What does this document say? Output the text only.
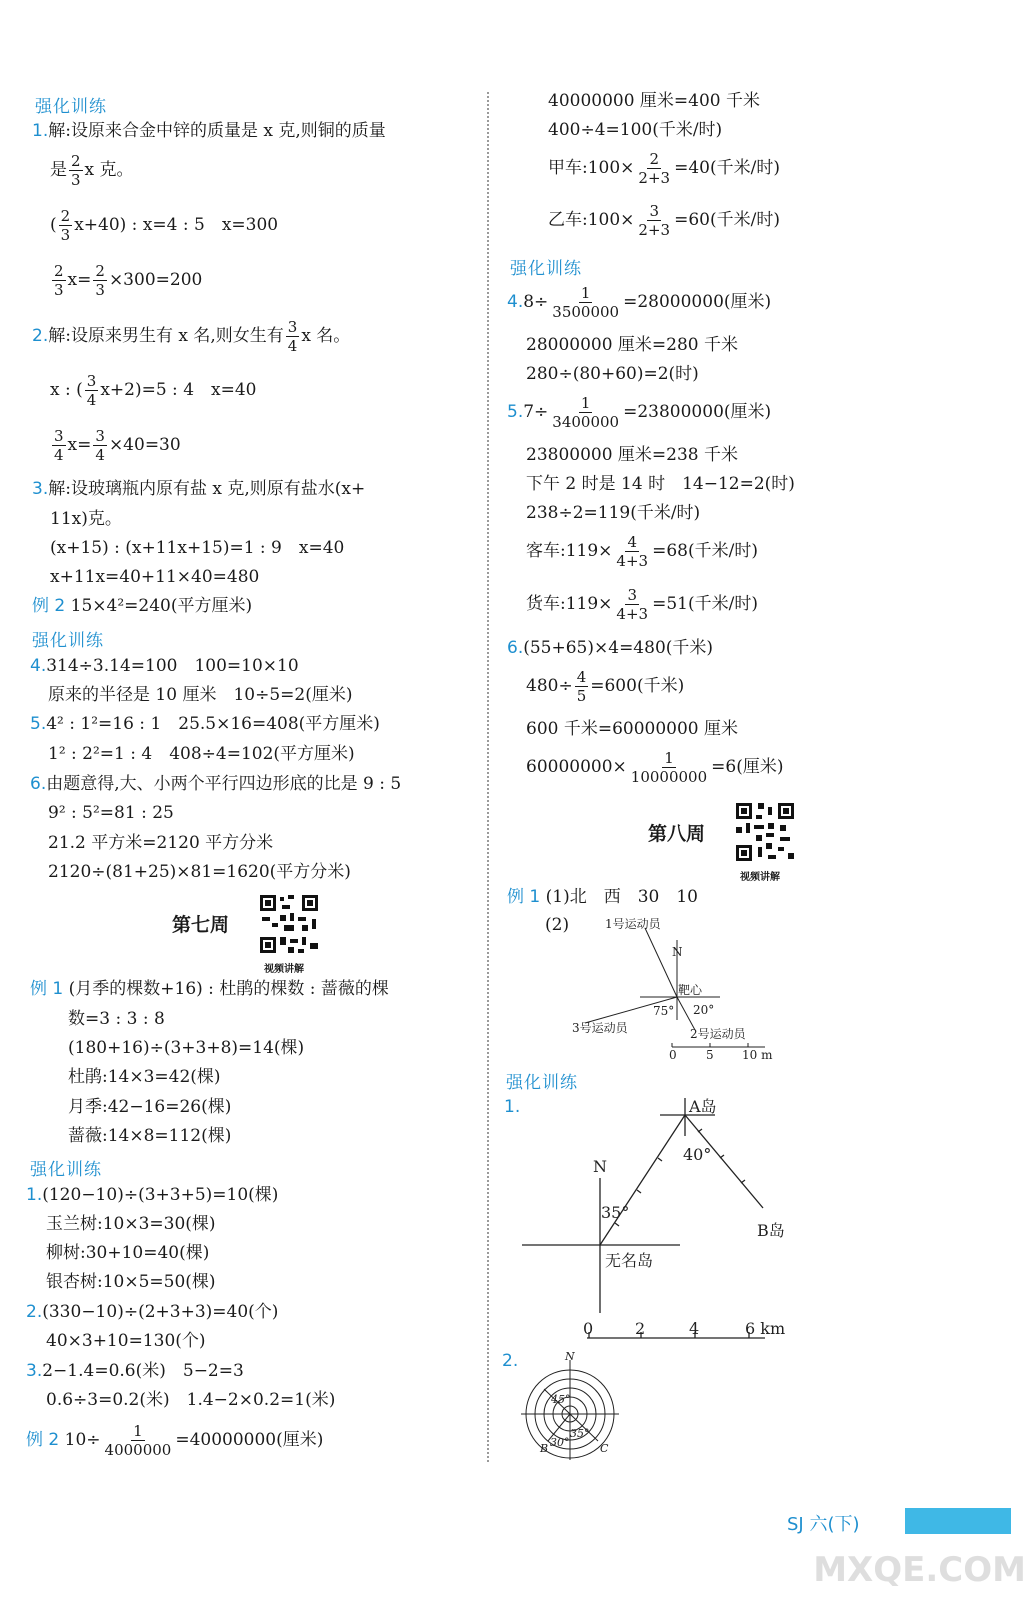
强化训练
1.解:设原来合金中锌的质量是 x 克,则铜的质量
是 $\frac{2}{3}$ x 克。
( $\frac{2}{3} x+40$) : x=4 : 5　x=300
$\frac{2}{3} x= \frac{2}{3} \times 300=200$
2.解:设原来男生有 x 名,则女生有 $\frac{3}{4}$ x 名。
x : ( $\frac{3}{4} x+2)=5$ : 4　x=40
$\frac{3}{4} x= \frac{3}{4} \times 40=30$
3.解:设玻璃瓶内原有盐 x 克,则原有盐水(x+
11x)克。
(x+15) : (x+11x+15)=1 : 9　x=40
x+11x=40+11×40=480
例 2 15×4²=240(平方厘米)
强化训练
4.314÷3.14=100　100=10×10
原来的半径是 10 厘米　10÷5=2(厘米)
5.4² : 1²=16 : 1　25.5×16=408(平方厘米)
1² : 2²=1 : 4　408÷4=102(平方厘米)
6.由题意得,大、小两个平行四边形底的比是 9 : 5
9² : 5²=81 : 25
21.2 平方米=2120 平方分米
2120÷(81+25)×81=1620(平方分米)
第七周
视频讲解
例 1 (月季的棵数+16) : 杜鹃的棵数 : 蔷薇的棵
数=3 : 3 : 8
(180+16)÷(3+3+8)=14(棵)
杜鹃:14×3=42(棵)
月季:42−16=26(棵)
蔷薇:14×8=112(棵)
强化训练
1.(120−10)÷(3+3+5)=10(棵)
玉兰树:10×3=30(棵)
柳树:30+10=40(棵)
银杏树:10×5=50(棵)
2.(330−10)÷(2+3+3)=40(个)
40×3+10=130(个)
3.2−1.4=0.6(米)　5−2=3
0.6÷3=0.2(米)　1.4−2×0.2=1(米)
例 2 $10\div \frac{1}{4000000} =40000000$(厘米)
40000000 厘米=400 千米
400÷4=100(千米/时)
甲车:100× $\frac{2}{2+3} =40$(千米/时)
乙车:100× $\frac{3}{2+3} =60$(千米/时)
强化训练
$4.8\div \frac{1}{3500000} =28000000$(厘米)
28000000 厘米=280 千米
280÷(80+60)=2(时)
$5.7\div \frac{1}{3400000} =23800000$(厘米)
23800000 厘米=238 千米
下午 2 时是 14 时　14−12=2(时)
238÷2=119(千米/时)
客车:119× $\frac{4}{4+3} =68$(千米/时)
货车:119× $\frac{3}{4+3} =51$(千米/时)
6.(55+65)×4=480(千米)
$480\div \frac{4}{5} =600$(千米)
600 千米=60000000 厘米
$60000000\times \frac{1}{10000000} =6$(厘米)
第八周
视频讲解
例 1 (1)北　西　30　10
(2)	1号运动员
N
靶心
75° 20°
3号运动员	2号运动员
0 5 10 m
强化训练
1.	A岛
40°
N
35°
B岛
无名岛
0	2	4	6 km
2.	N
45°
35°
B 30°	C
SJ 六(下)
MXQE.COM
